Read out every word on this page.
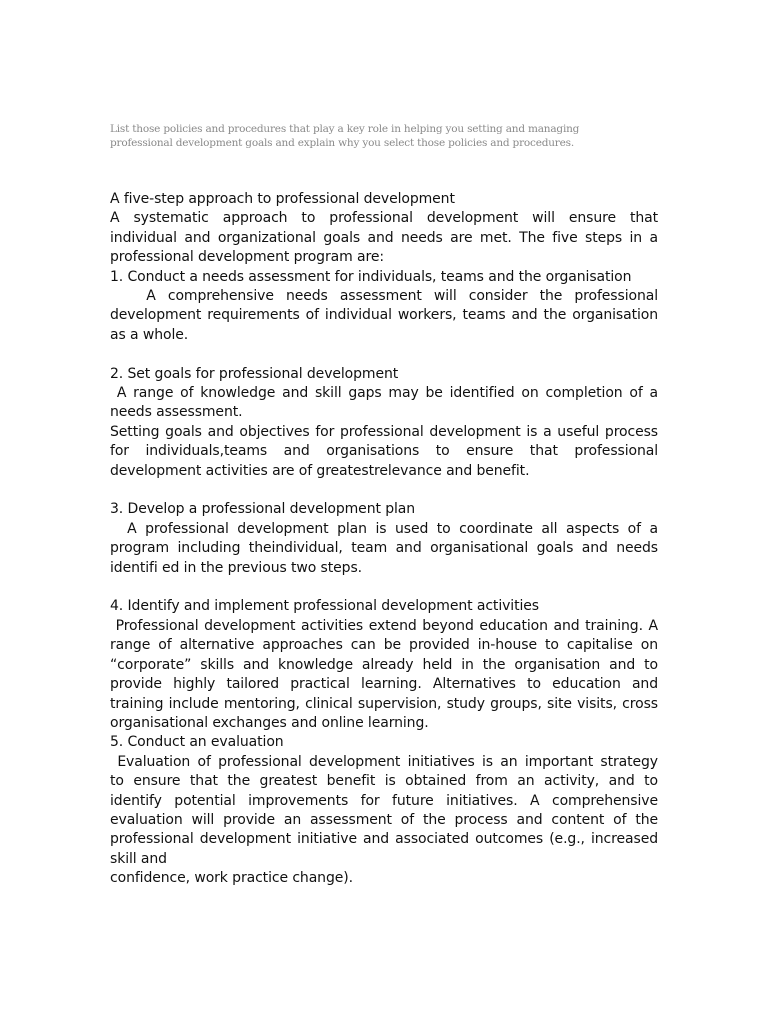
List those policies and procedures that play a key role in helping you setting and managing

professional development goals and explain why you select those policies and procedures.

A five-step approach to professional development

A systematic approach to professional development will ensure that

individual and organizational goals and needs are met. The five steps in a

professional development program are:

1. Conduct a needs assessment for individuals, teams and the organisation

A comprehensive needs assessment will consider the professional

development requirements of individual workers, teams and the organisation

as a whole.

2. Set goals for professional development

A range of knowledge and skill gaps may be identified on completion of a

needs assessment.

Setting goals and objectives for professional development is a useful process

for individuals,teams and organisations to ensure that professional

development activities are of greatestrelevance and benefit.

3. Develop a professional development plan

A professional development plan is used to coordinate all aspects of a

program including theindividual, team and organisational goals and needs

identifi ed in the previous two steps.

4. Identify and implement professional development activities

Professional development activities extend beyond education and training. A

range of alternative approaches can be provided in-house to capitalise on

“corporate” skills and knowledge already held in the organisation and to

provide highly tailored practical learning. Alternatives to education and

training include mentoring, clinical supervision, study groups, site visits, cross

organisational exchanges and online learning.

5. Conduct an evaluation

Evaluation of professional development initiatives is an important strategy

to ensure that the greatest benefit is obtained from an activity, and to

identify potential improvements for future initiatives. A comprehensive

evaluation will provide an assessment of the process and content of the

professional development initiative and associated outcomes (e.g., increased

skill and

confidence, work practice change).
